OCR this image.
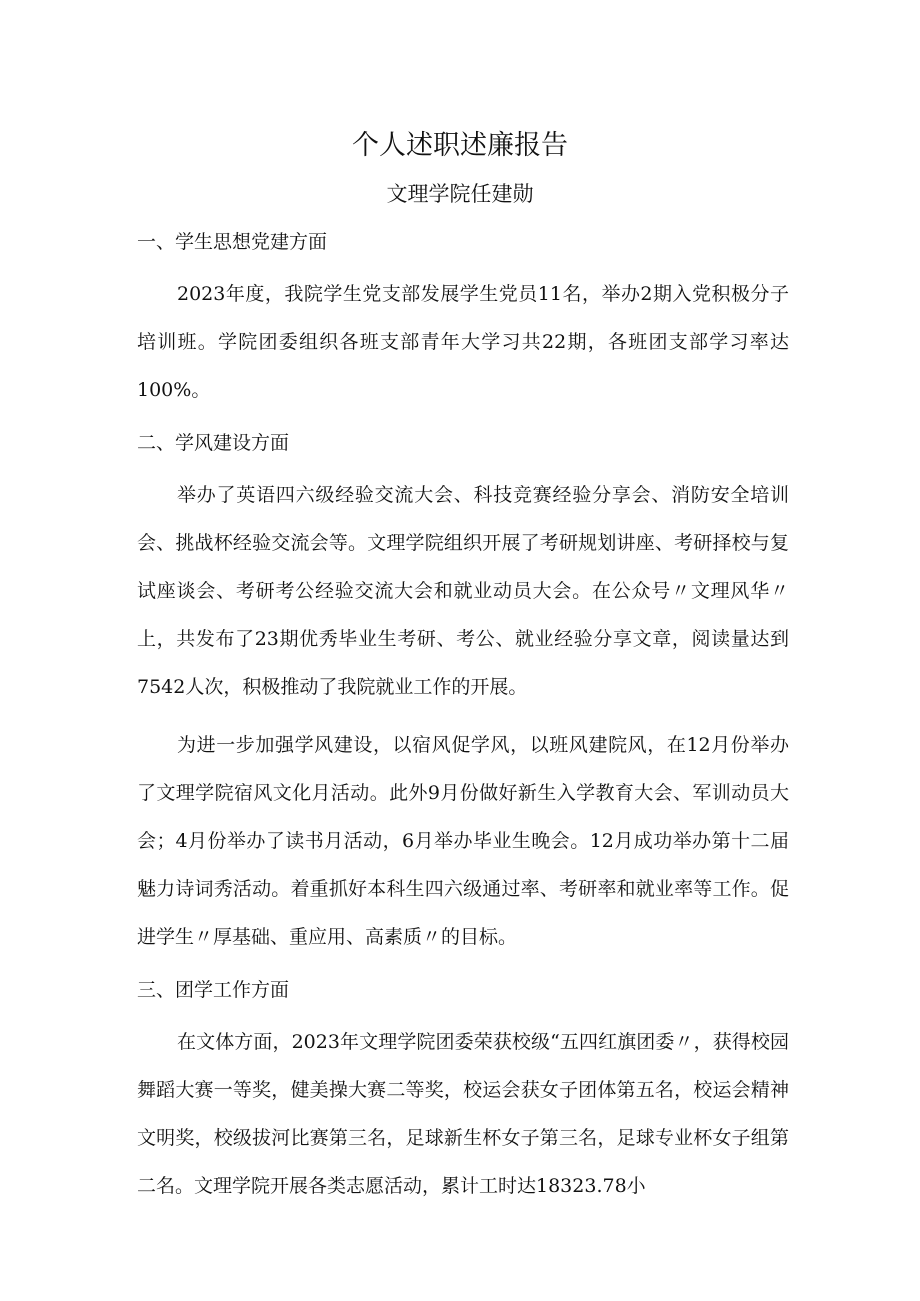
个人述职述廉报告
文理学院任建勋
一、学生思想党建方面

2023年度，我院学生党支部发展学生党员11名，举办2期入党积极分子培训班。学院团委组织各班支部青年大学习共22期，各班团支部学习率达100%。

二、学风建设方面

举办了英语四六级经验交流大会、科技竞赛经验分享会、消防安全培训会、挑战杯经验交流会等。文理学院组织开展了考研规划讲座、考研择校与复试座谈会、考研考公经验交流大会和就业动员大会。在公众号〃文理风华〃上，共发布了23期优秀毕业生考研、考公、就业经验分享文章，阅读量达到7542人次，积极推动了我院就业工作的开展。

为进一步加强学风建设，以宿风促学风，以班风建院风，在12月份举办了文理学院宿风文化月活动。此外9月份做好新生入学教育大会、军训动员大会；4月份举办了读书月活动，6月举办毕业生晚会。12月成功举办第十二届魅力诗词秀活动。着重抓好本科生四六级通过率、考研率和就业率等工作。促进学生〃厚基础、重应用、高素质〃的目标。

三、团学工作方面

在文体方面，2023年文理学院团委荣获校级“五四红旗团委〃，获得校园舞蹈大赛一等奖，健美操大赛二等奖，校运会获女子团体第五名，校运会精神文明奖，校级拔河比赛第三名，足球新生杯女子第三名，足球专业杯女子组第二名。文理学院开展各类志愿活动，累计工时达18323.78小
